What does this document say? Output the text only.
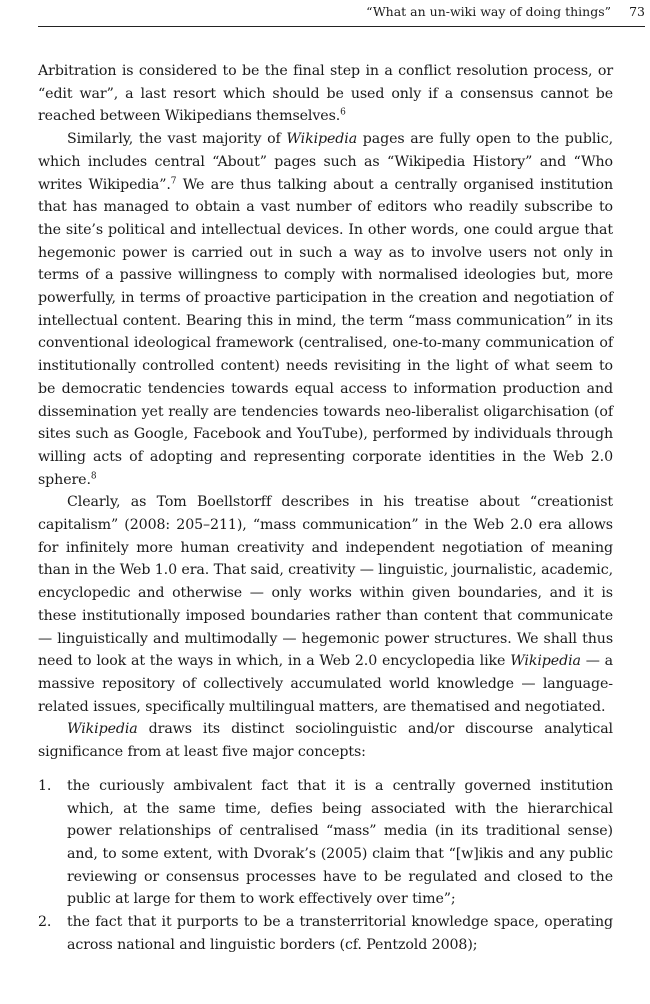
“What an un-wiki way of doing things” 73

Arbitration is considered to be the final step in a conflict resolution process, or “edit war”, a last resort which should be used only if a consensus cannot be reached between Wikipedians themselves.$^6$

Similarly, the vast majority of Wikipedia pages are fully open to the public, which includes central “About” pages such as “Wikipedia History” and “Who writes Wikipedia”.$^7$ We are thus talking about a centrally organised institution that has managed to obtain a vast number of editors who readily subscribe to the site’s political and intellectual devices. In other words, one could argue that hegemonic power is carried out in such a way as to involve users not only in terms of a passive willingness to comply with normalised ideologies but, more powerfully, in terms of proactive participation in the creation and negotiation of intellectual content. Bearing this in mind, the term “mass communication” in its conventional ideological framework (centralised, one-to-many communication of institutionally controlled content) needs revisiting in the light of what seem to be democratic tendencies towards equal access to information production and dissemination yet really are tendencies towards neo-liberalist oligarchisation (of sites such as Google, Facebook and YouTube), performed by individuals through willing acts of adopting and representing corporate identities in the Web 2.0 sphere.$^8$

Clearly, as Tom Boellstorff describes in his treatise about “creationist capitalism” (2008: 205–211), “mass communication” in the Web 2.0 era allows for infinitely more human creativity and independent negotiation of meaning than in the Web 1.0 era. That said, creativity — linguistic, journalistic, academic, encyclopedic and otherwise — only works within given boundaries, and it is these institutionally imposed boundaries rather than content that communicate — linguistically and multimodally — hegemonic power structures. We shall thus need to look at the ways in which, in a Web 2.0 encyclopedia like Wikipedia — a massive repository of collectively accumulated world knowledge — language-related issues, specifically multilingual matters, are thematised and negotiated.

Wikipedia draws its distinct sociolinguistic and/or discourse analytical significance from at least five major concepts:

1. the curiously ambivalent fact that it is a centrally governed institution which, at the same time, defies being associated with the hierarchical power relationships of centralised “mass” media (in its traditional sense) and, to some extent, with Dvorak’s (2005) claim that “[w]ikis and any public reviewing or consensus processes have to be regulated and closed to the public at large for them to work effectively over time”;
2. the fact that it purports to be a transterritorial knowledge space, operating across national and linguistic borders (cf. Pentzold 2008);
